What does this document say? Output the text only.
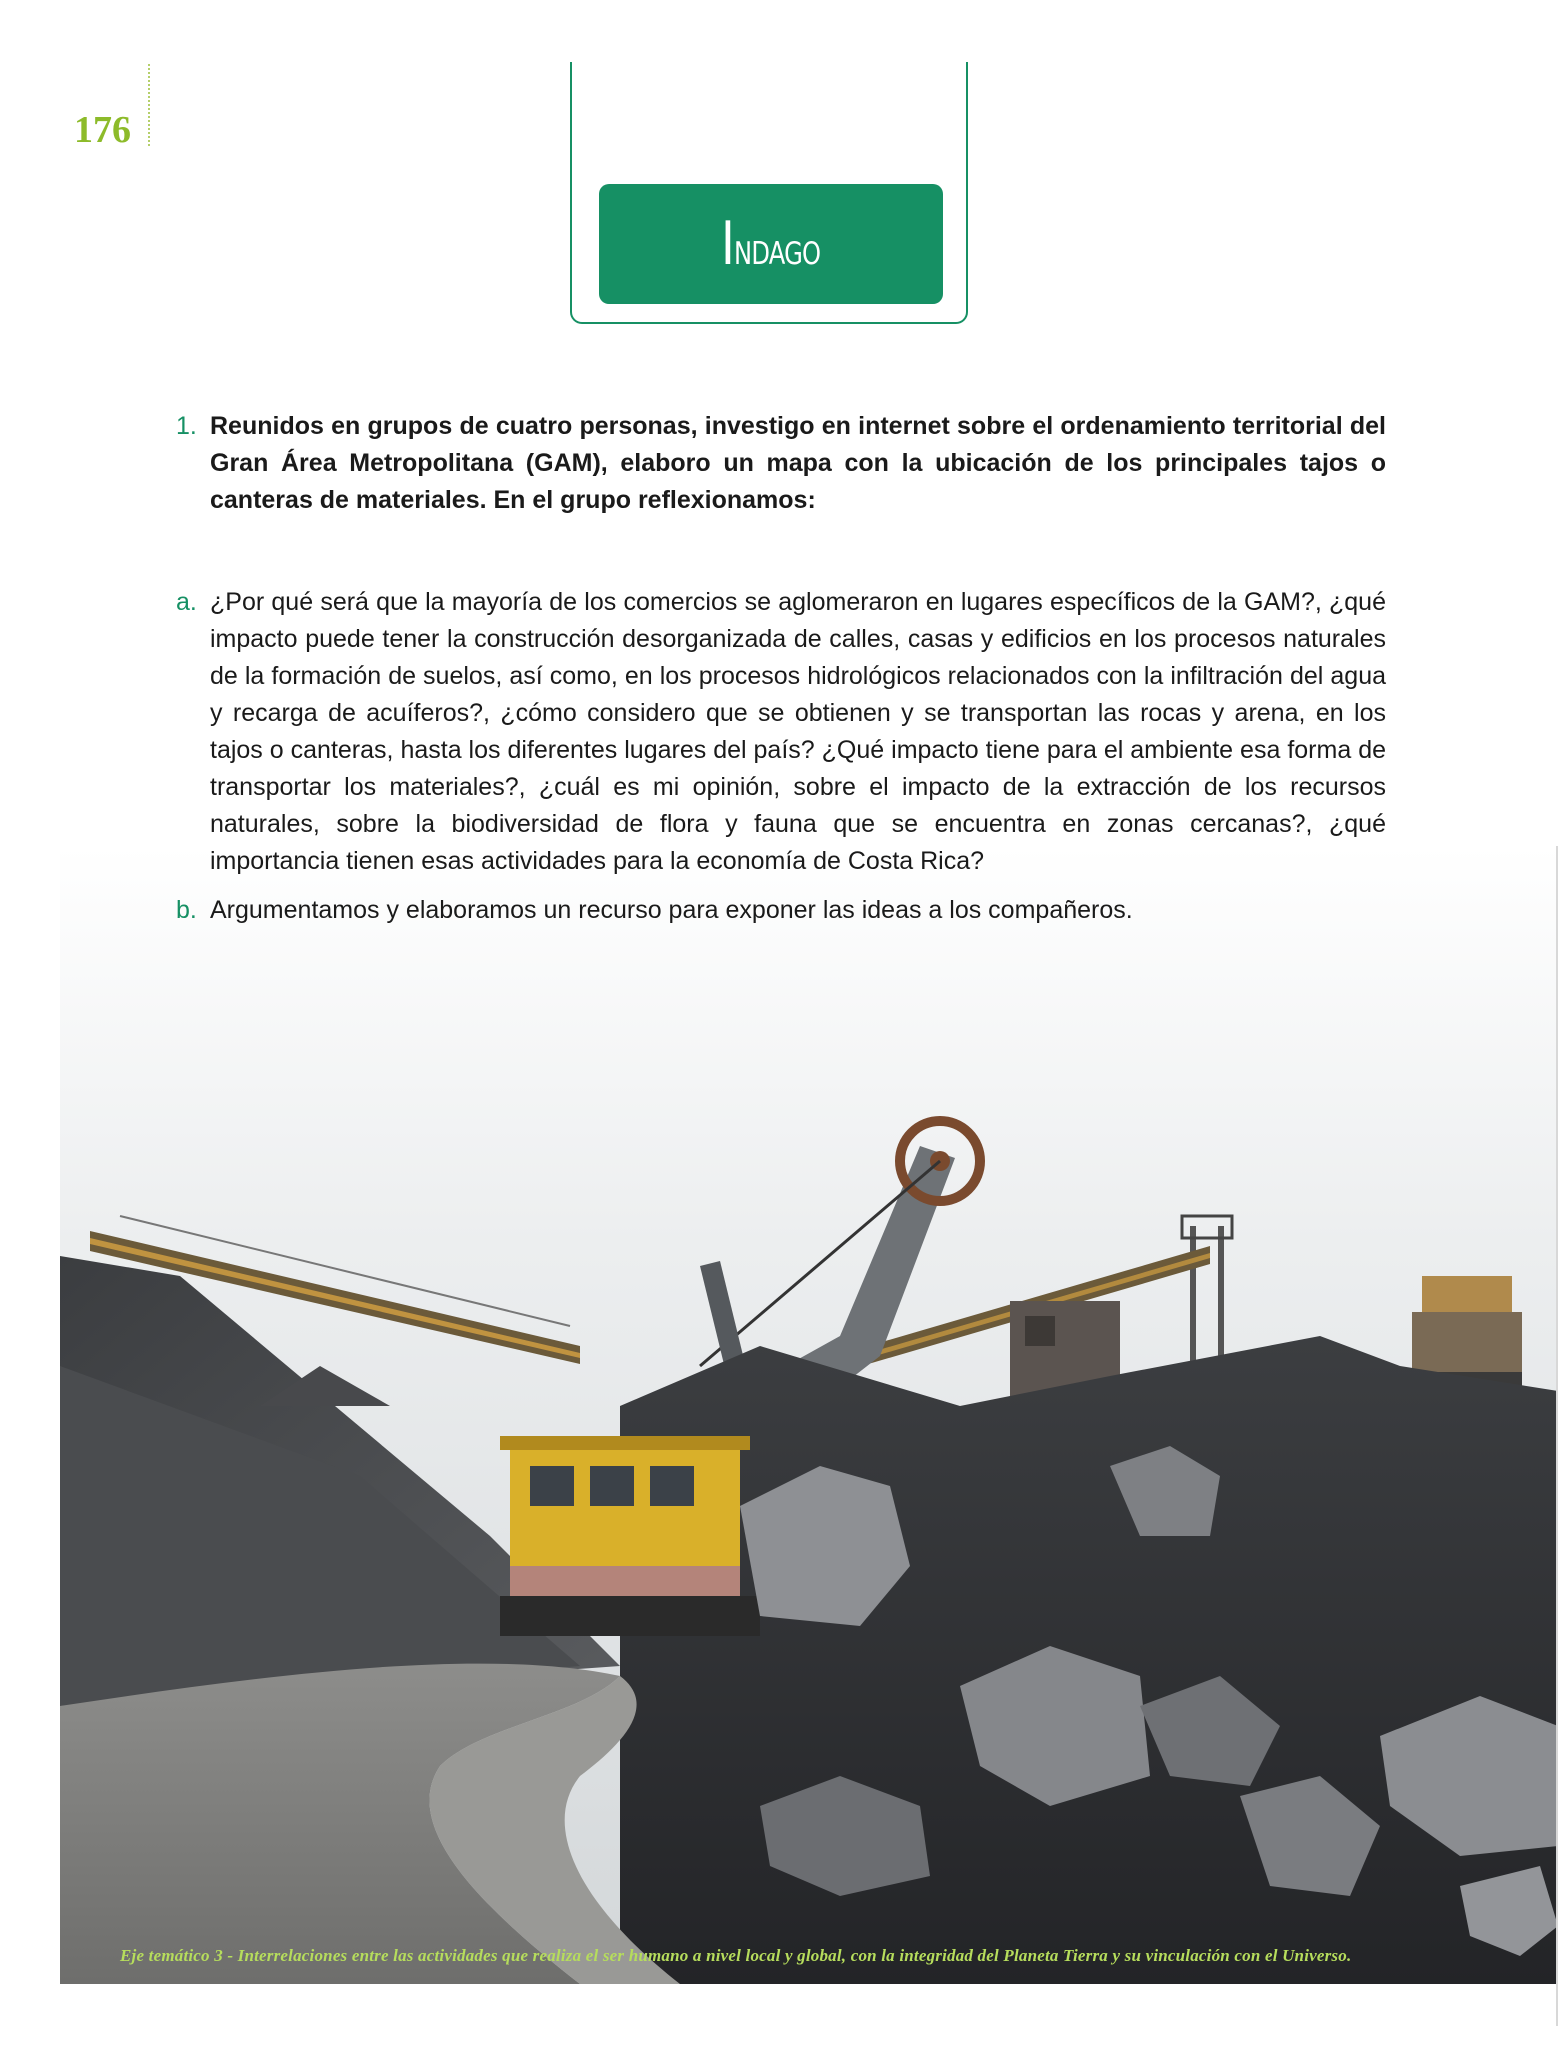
176
Indago
1. Reunidos en grupos de cuatro personas, investigo en internet sobre el ordenamiento territorial del Gran Área Metropolitana (GAM), elaboro un mapa con la ubicación de los principales tajos o canteras de materiales. En el grupo reflexionamos:
a. ¿Por qué será que la mayoría de los comercios se aglomeraron en lugares específicos de la GAM?, ¿qué impacto puede tener la construcción desorganizada de calles, casas y edificios en los procesos naturales de la formación de suelos, así como, en los procesos hidrológicos relacionados con la infiltración del agua y recarga de acuíferos?, ¿cómo considero que se obtienen y se transportan las rocas y arena, en los tajos o canteras, hasta los diferentes lugares del país? ¿Qué impacto tiene para el ambiente esa forma de transportar los materiales?, ¿cuál es mi opinión, sobre el impacto de la extracción de los recursos naturales, sobre la biodiversidad de flora y fauna que se encuentra en zonas cercanas?, ¿qué importancia tienen esas actividades para la economía de Costa Rica?
b. Argumentamos y elaboramos un recurso para exponer las ideas a los compañeros.
Eje temático 3 - Interrelaciones entre las actividades que realiza el ser humano a nivel local y global, con la integridad del Planeta Tierra y su vinculación con el Universo.
